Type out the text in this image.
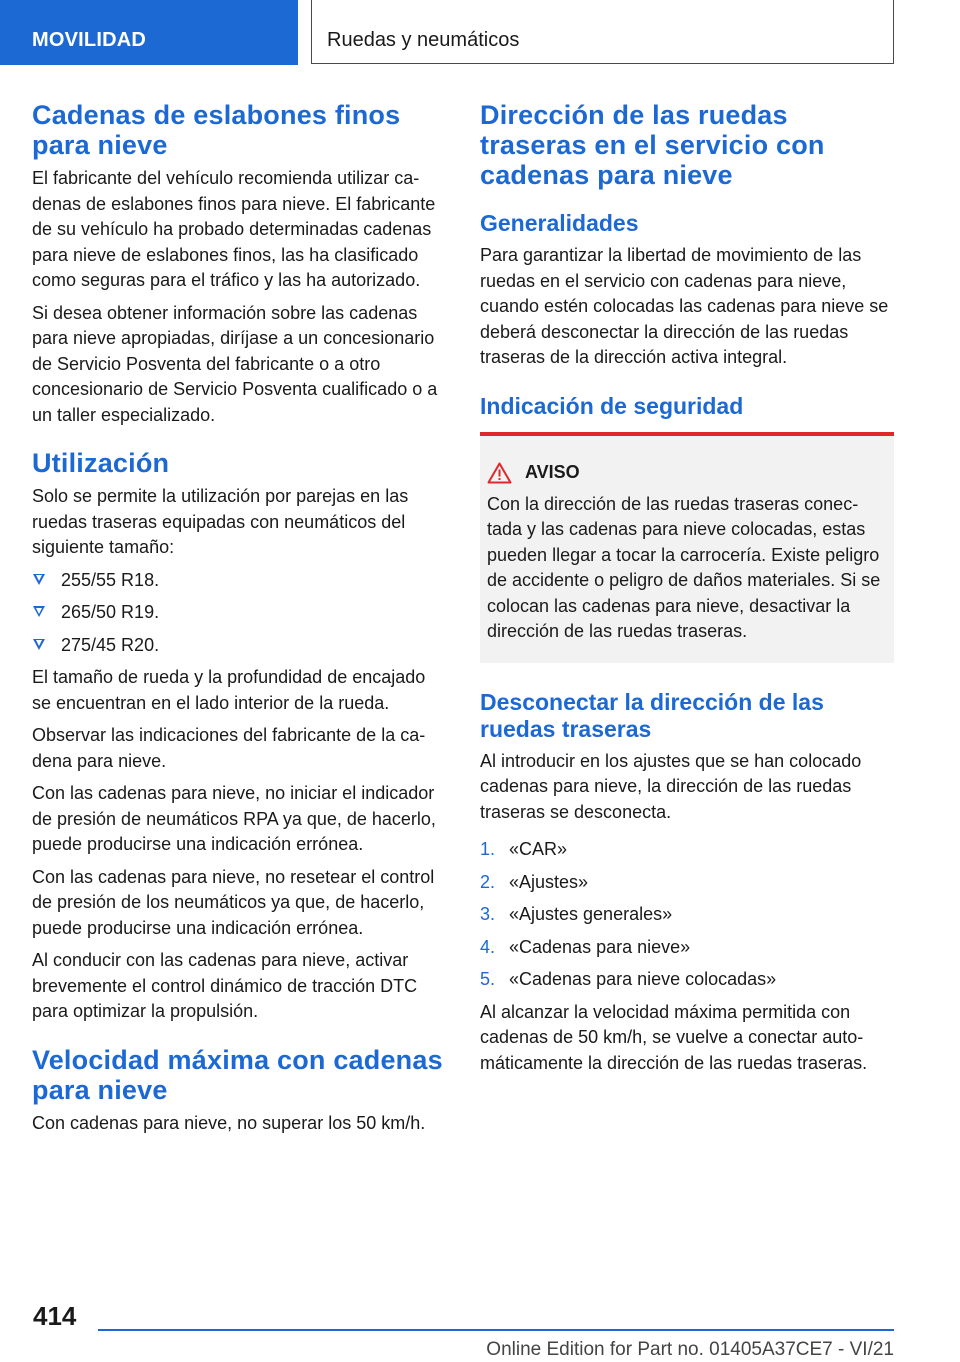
MOVILIDAD	Ruedas y neumáticos
Cadenas de eslabones finos para nieve

El fabricante del vehículo recomienda utilizar cadenas de eslabones finos para nieve. El fabricante de su vehículo ha probado determinadas cadenas para nieve de eslabones finos, las ha clasificado como seguras para el tráfico y las ha autorizado.

Si desea obtener información sobre las cadenas para nieve apropiadas, diríjase a un concesionario de Servicio Posventa del fabricante o a otro concesionario de Servicio Posventa cualificado o a un taller especializado.

Utilización

Solo se permite la utilización por parejas en las ruedas traseras equipadas con neumáticos del siguiente tamaño:

255/55 R18.
265/50 R19.
275/45 R20.

El tamaño de rueda y la profundidad de encajado se encuentran en el lado interior de la rueda.

Observar las indicaciones del fabricante de la cadena para nieve.

Con las cadenas para nieve, no iniciar el indicador de presión de neumáticos RPA ya que, de hacerlo, puede producirse una indicación errónea.

Con las cadenas para nieve, no resetear el control de presión de los neumáticos ya que, de hacerlo, puede producirse una indicación errónea.

Al conducir con las cadenas para nieve, activar brevemente el control dinámico de tracción DTC para optimizar la propulsión.

Velocidad máxima con cadenas para nieve

Con cadenas para nieve, no superar los 50 km/h.

Dirección de las ruedas traseras en el servicio con cadenas para nieve
Generalidades

Para garantizar la libertad de movimiento de las ruedas en el servicio con cadenas para nieve, cuando estén colocadas las cadenas para nieve se deberá desconectar la dirección de las ruedas traseras de la dirección activa integral.

Indicación de seguridad
AVISO

Con la dirección de las ruedas traseras conectada y las cadenas para nieve colocadas, estas pueden llegar a tocar la carrocería. Existe peligro de accidente o peligro de daños materiales. Si se colocan las cadenas para nieve, desactivar la dirección de las ruedas traseras.

Desconectar la dirección de las ruedas traseras

Al introducir en los ajustes que se han colocado cadenas para nieve, la dirección de las ruedas traseras se desconecta.

1. «CAR»
2. «Ajustes»
3. «Ajustes generales»
4. «Cadenas para nieve»
5. «Cadenas para nieve colocadas»

Al alcanzar la velocidad máxima permitida con cadenas de 50 km/h, se vuelve a conectar automáticamente la dirección de las ruedas traseras.

414
Online Edition for Part no. 01405A37CE7 - VI/21
